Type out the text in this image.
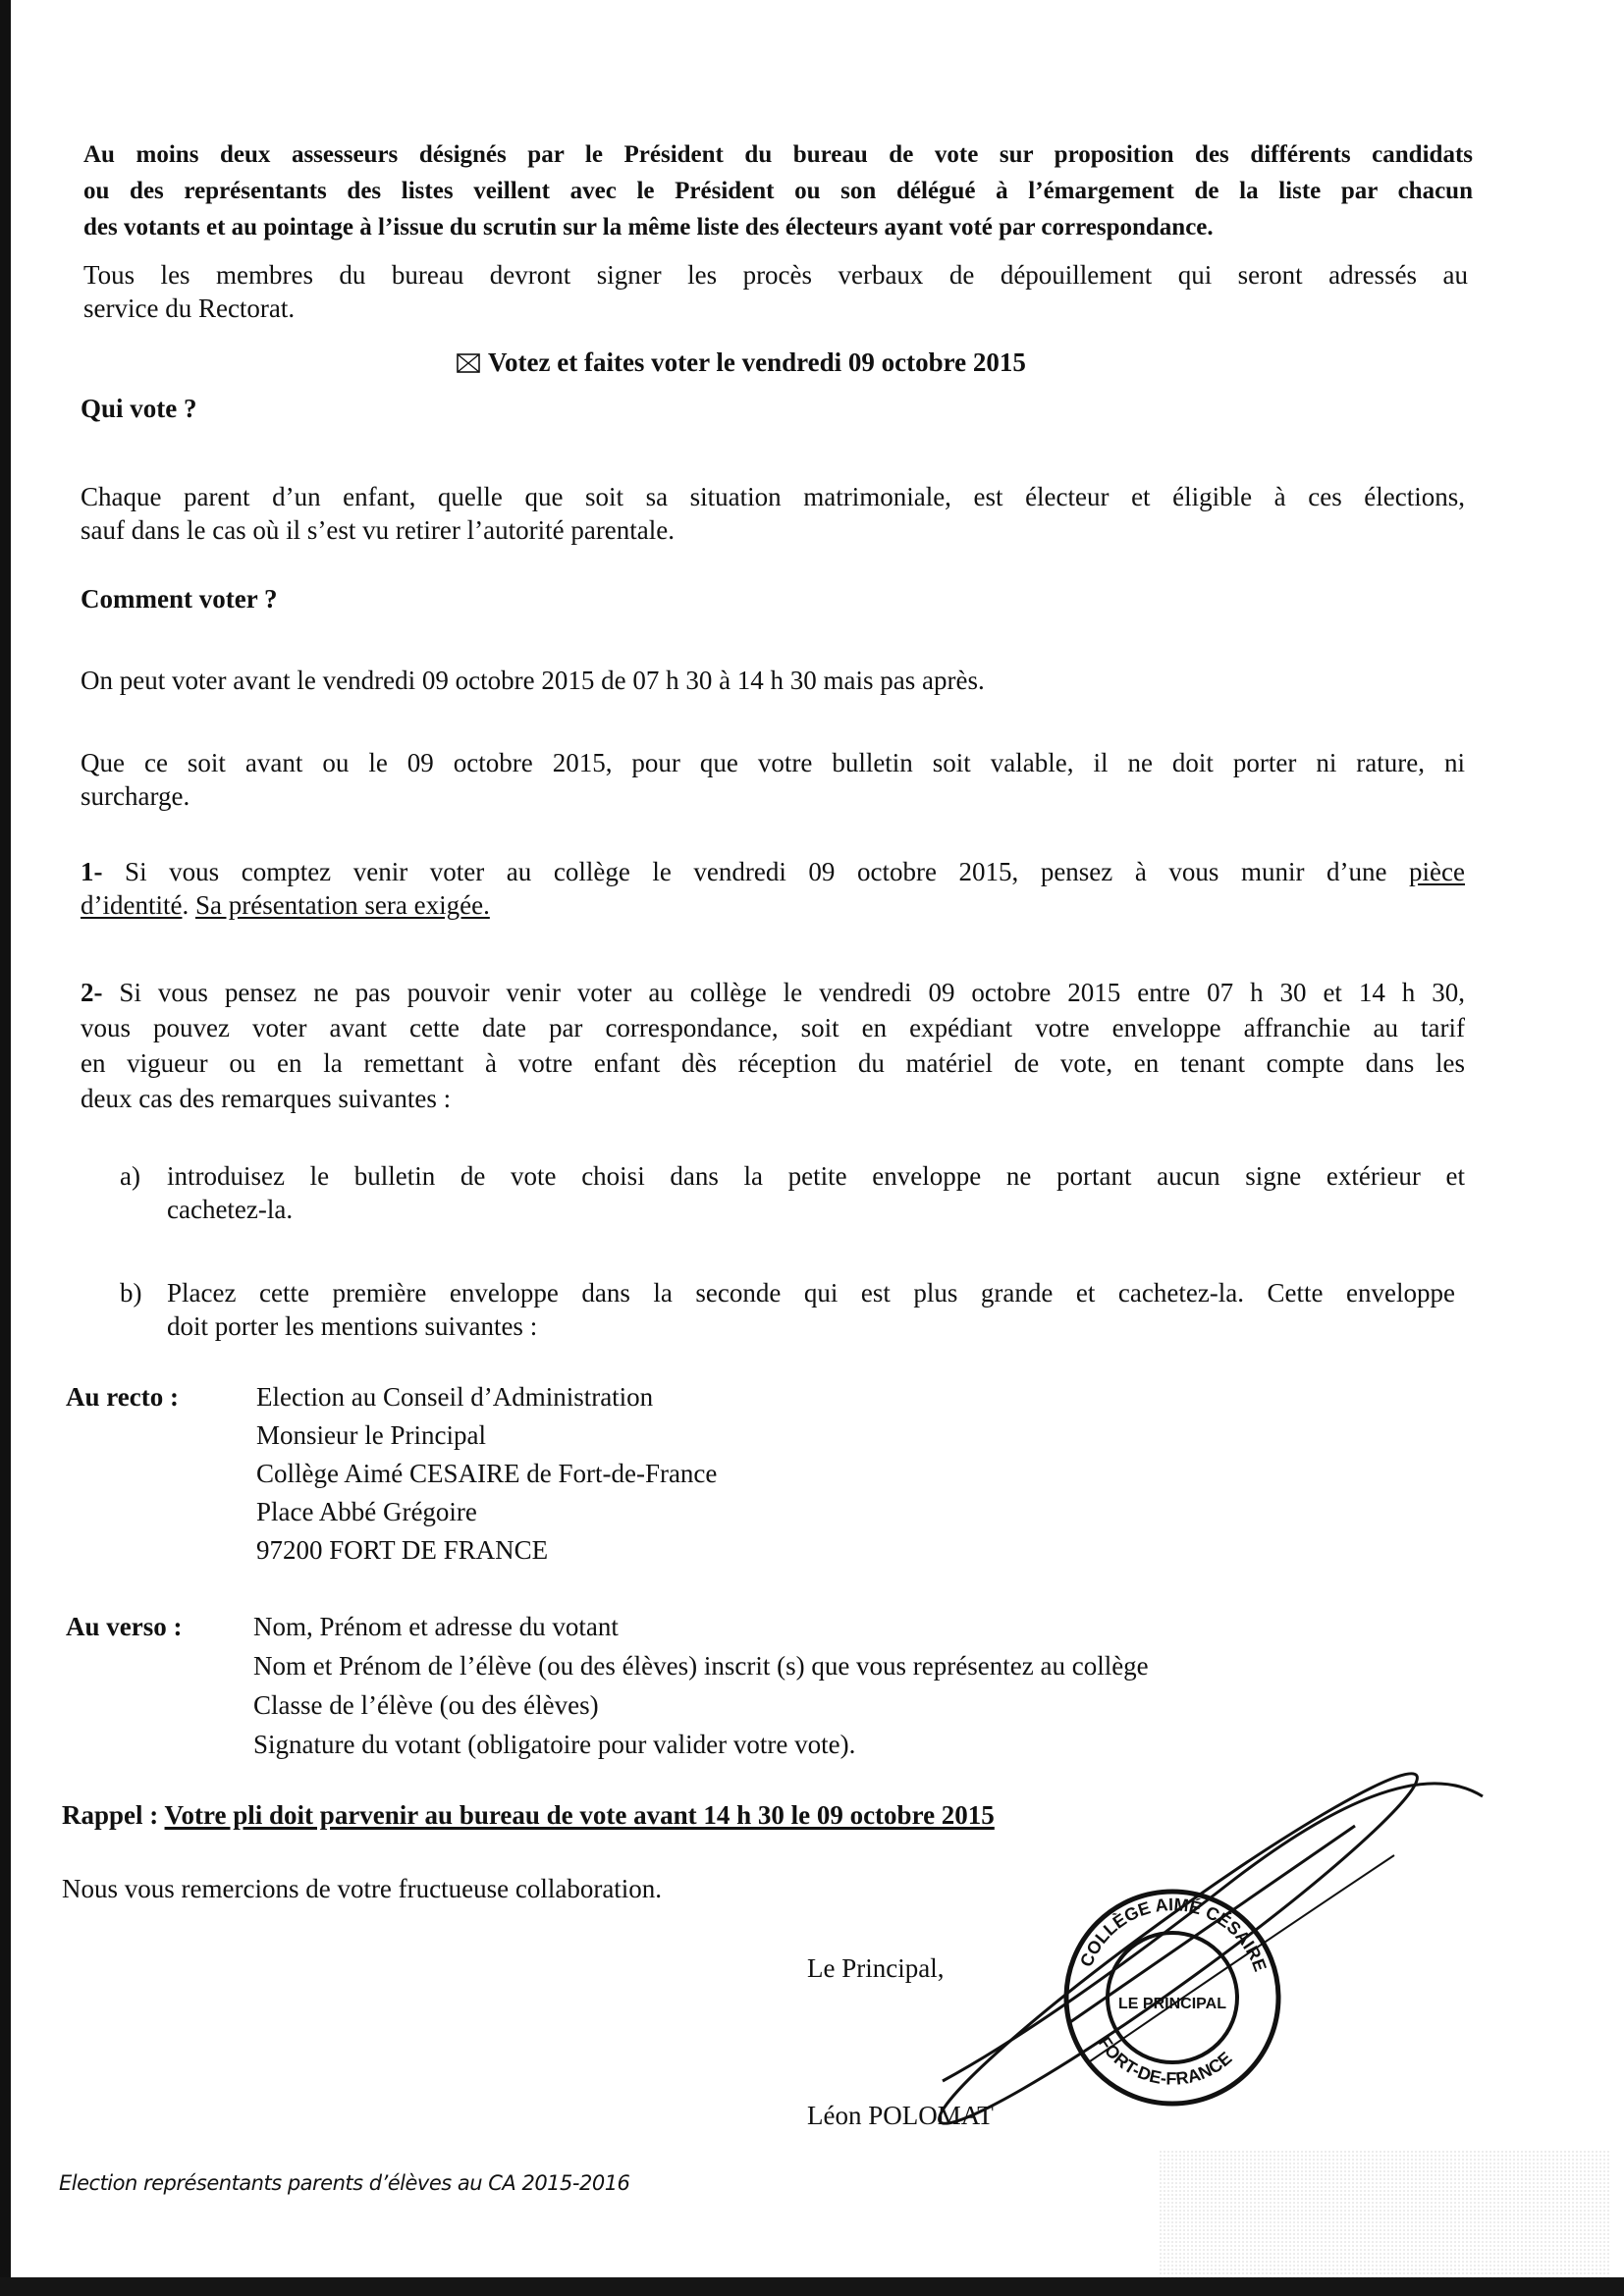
Au moins deux assesseurs désignés par le Président du bureau de vote sur proposition des différents candidats
ou des représentants des listes veillent avec le Président ou son délégué à l’émargement de la liste par chacun
des votants et au pointage à l’issue du scrutin sur la même liste des électeurs ayant voté par correspondance.
Tous les membres du bureau devront signer les procès verbaux de dépouillement qui seront adressés au
service du Rectorat.
Votez et faites voter le vendredi 09 octobre 2015
Qui vote ?
Chaque parent d’un enfant, quelle que soit sa situation matrimoniale, est électeur et éligible à ces élections,
sauf dans le cas où il s’est vu retirer l’autorité parentale.
Comment voter ?
On peut voter avant le vendredi 09 octobre 2015 de 07 h 30 à 14 h 30 mais pas après.
Que ce soit avant ou le 09 octobre 2015, pour que votre bulletin soit valable, il ne doit porter ni rature, ni
surcharge.
1- Si vous comptez venir voter au collège le vendredi 09 octobre 2015, pensez à vous munir d’une pièce
d’identité. Sa présentation sera exigée.
2- Si vous pensez ne pas pouvoir venir voter au collège le vendredi 09 octobre 2015 entre 07 h 30 et 14 h 30,
vous pouvez voter avant cette date par correspondance, soit en expédiant votre enveloppe affranchie au tarif
en vigueur ou en la remettant à votre enfant dès réception du matériel de vote, en tenant compte dans les
deux cas des remarques suivantes :
a) introduisez le bulletin de vote choisi dans la petite enveloppe ne portant aucun signe extérieur et
cachetez-la.
b) Placez cette première enveloppe dans la seconde qui est plus grande et cachetez-la. Cette enveloppe
doit porter les mentions suivantes :
Au recto :	Election au Conseil d’Administration
Monsieur le Principal
Collège Aimé CESAIRE de Fort-de-France
Place Abbé Grégoire
97200 FORT DE FRANCE
Au verso :	Nom, Prénom et adresse du votant
Nom et Prénom de l’élève (ou des élèves) inscrit (s) que vous représentez au collège
Classe de l’élève (ou des élèves)
Signature du votant (obligatoire pour valider votre vote).
Rappel : Votre pli doit parvenir au bureau de vote avant 14 h 30 le 09 octobre 2015
Nous vous remercions de votre fructueuse collaboration.
Le Principal,
Léon POLOMAT
COLLÈGE AIMÉ CÉSAIRE
FORT-DE-FRANCE
LE PRINCIPAL
Election représentants parents d’élèves au CA 2015-2016
